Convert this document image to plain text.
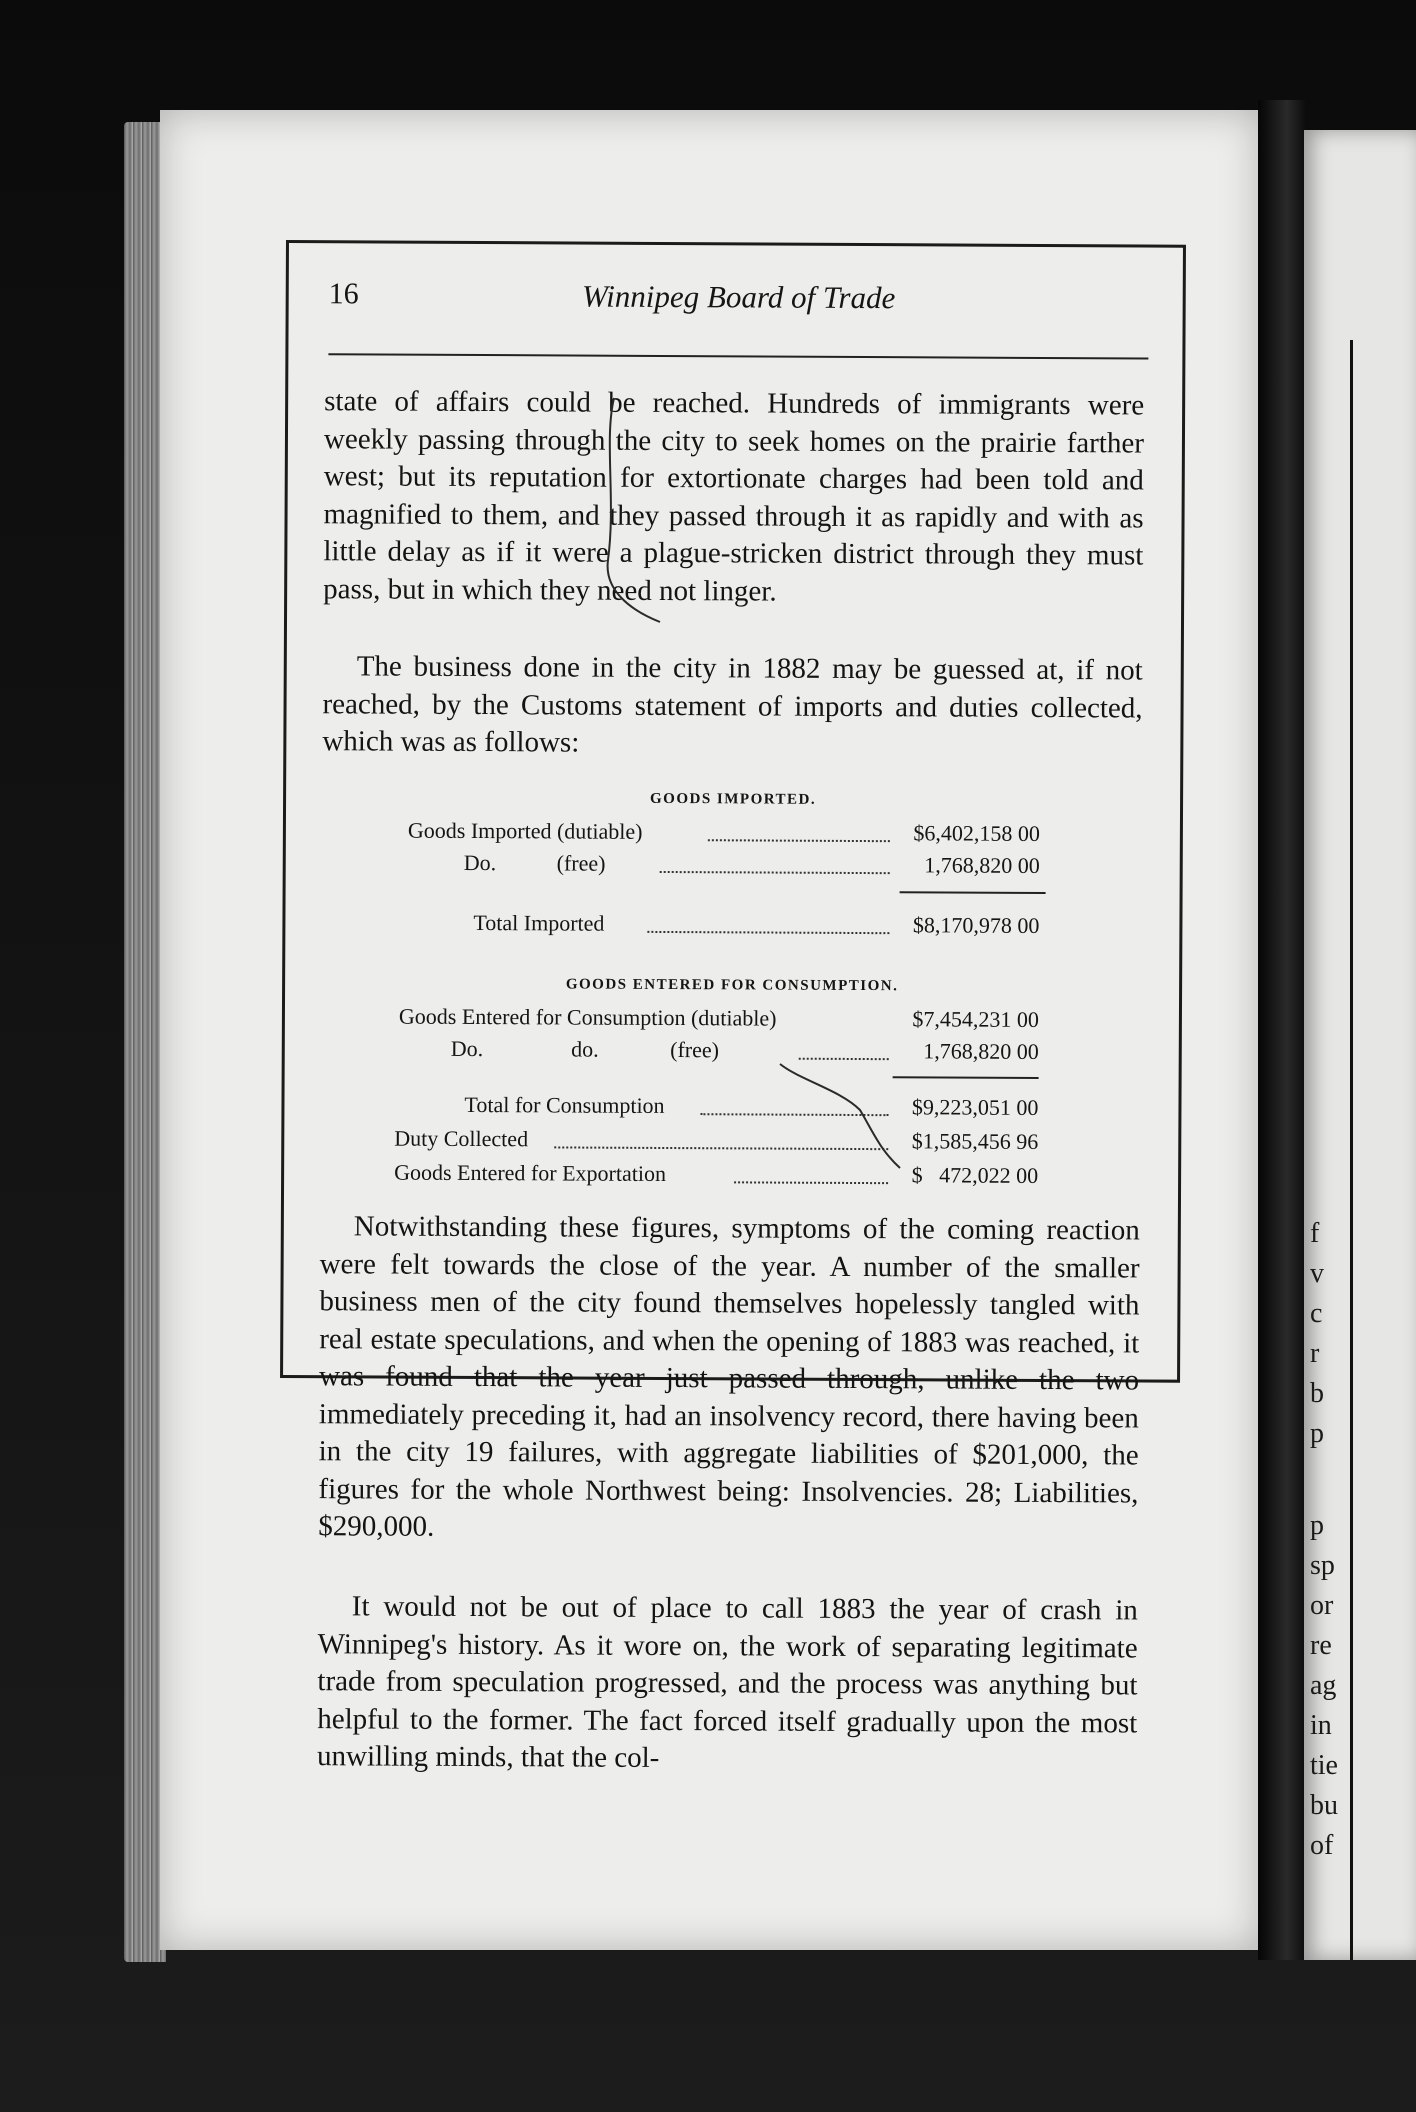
16	Winnipeg Board of Trade

state of affairs could be reached. Hundreds of immigrants were weekly passing through the city to seek homes on the prairie farther west; but its reputation for extortionate charges had been told and magnified to them, and they passed through it as rapidly and with as little delay as if it were a plague-stricken district through they must pass, but in which they need not linger.

The business done in the city in 1882 may be guessed at, if not reached, by the Customs statement of imports and duties collected, which was as follows:

GOODS IMPORTED.
Goods Imported (dutiable)	$6,402,158 00
Do.           (free)	1,768,820 00
Total Imported	$8,170,978 00
GOODS ENTERED FOR CONSUMPTION.
Goods Entered for Consumption (dutiable)	$7,454,231 00
Do.                do.             (free)	1,768,820 00
Total for Consumption	$9,223,051 00
Duty Collected	$1,585,456 96
Goods Entered for Exportation	$   472,022 00

Notwithstanding these figures, symptoms of the coming reaction were felt towards the close of the year. A number of the smaller business men of the city found themselves hopelessly tangled with real estate speculations, and when the opening of 1883 was reached, it was found that the year just passed through, unlike the two immediately preceding it, had an insolvency record, there having been in the city 19 failures, with aggregate liabilities of $201,000, the figures for the whole Northwest being: Insolvencies. 28; Liabilities, $290,000.

It would not be out of place to call 1883 the year of crash in Winnipeg's history. As it wore on, the work of separating legitimate trade from speculation progressed, and the process was anything but helpful to the former. The fact forced itself gradually upon the most unwilling minds, that the col-

f
v
c
r
b
p
p
sp
or
re
ag
in
tie
bu
of
